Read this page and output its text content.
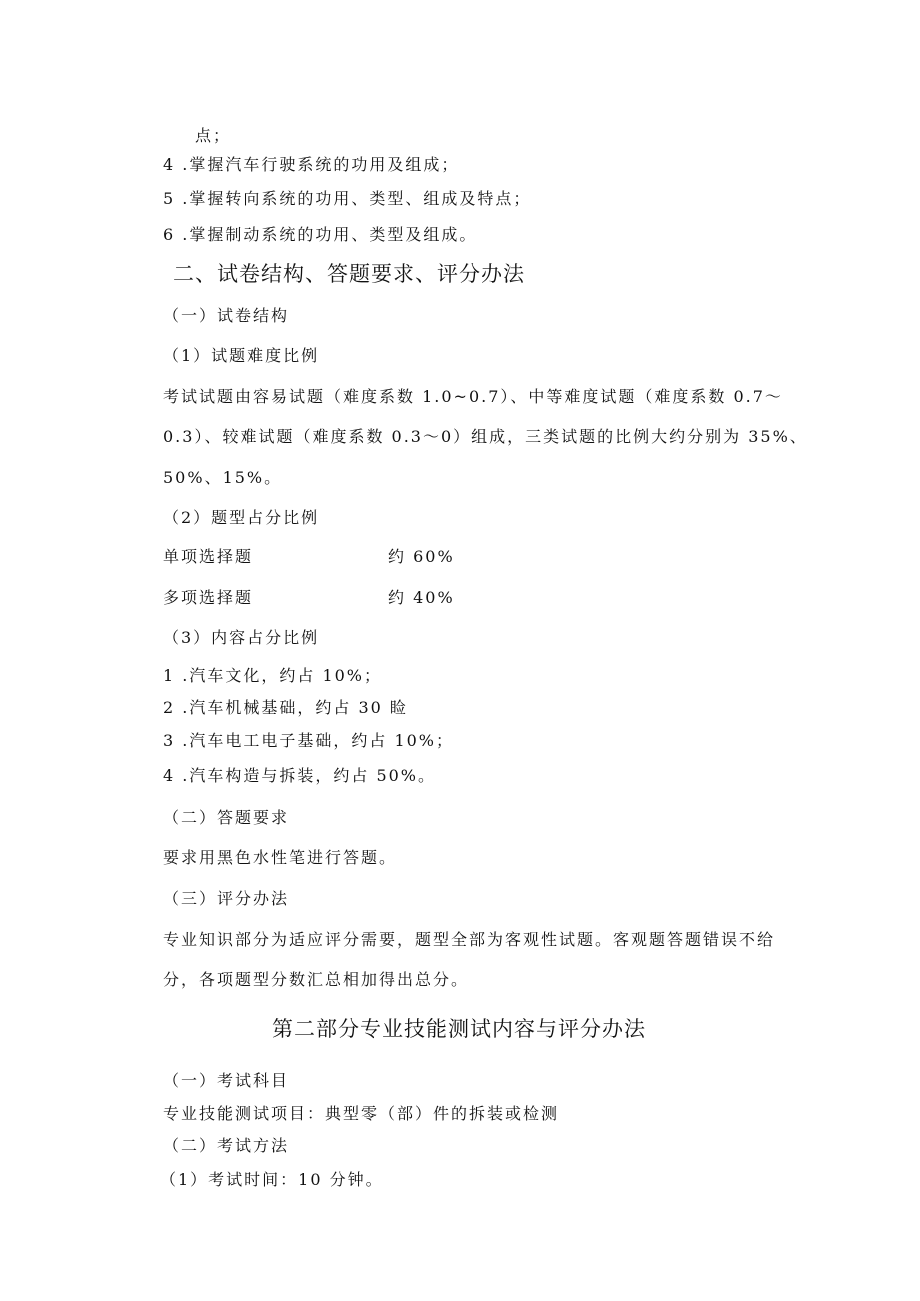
点；
4 .掌握汽车行驶系统的功用及组成；
5 .掌握转向系统的功用、类型、组成及特点；
6 .掌握制动系统的功用、类型及组成。
二、试卷结构、答题要求、评分办法
（一）试卷结构
（1）试题难度比例
考试试题由容易试题（难度系数 1.0~0.7）、中等难度试题（难度系数 0.7～
0.3）、较难试题（难度系数 0.3～0）组成，三类试题的比例大约分别为 35%、
50%、15%。
（2）题型占分比例
单项选择题	约 60%
多项选择题	约 40%
（3）内容占分比例
1 .汽车文化，约占 10%；
2 .汽车机械基础，约占 30 睑
3 .汽车电工电子基础，约占 10%；
4 .汽车构造与拆装，约占 50%。
（二）答题要求
要求用黑色水性笔进行答题。
（三）评分办法
专业知识部分为适应评分需要，题型全部为客观性试题。客观题答题错误不给
分，各项题型分数汇总相加得出总分。
第二部分专业技能测试内容与评分办法
（一）考试科目
专业技能测试项目：典型零（部）件的拆装或检测
（二）考试方法
（1）考试时间：10 分钟。
